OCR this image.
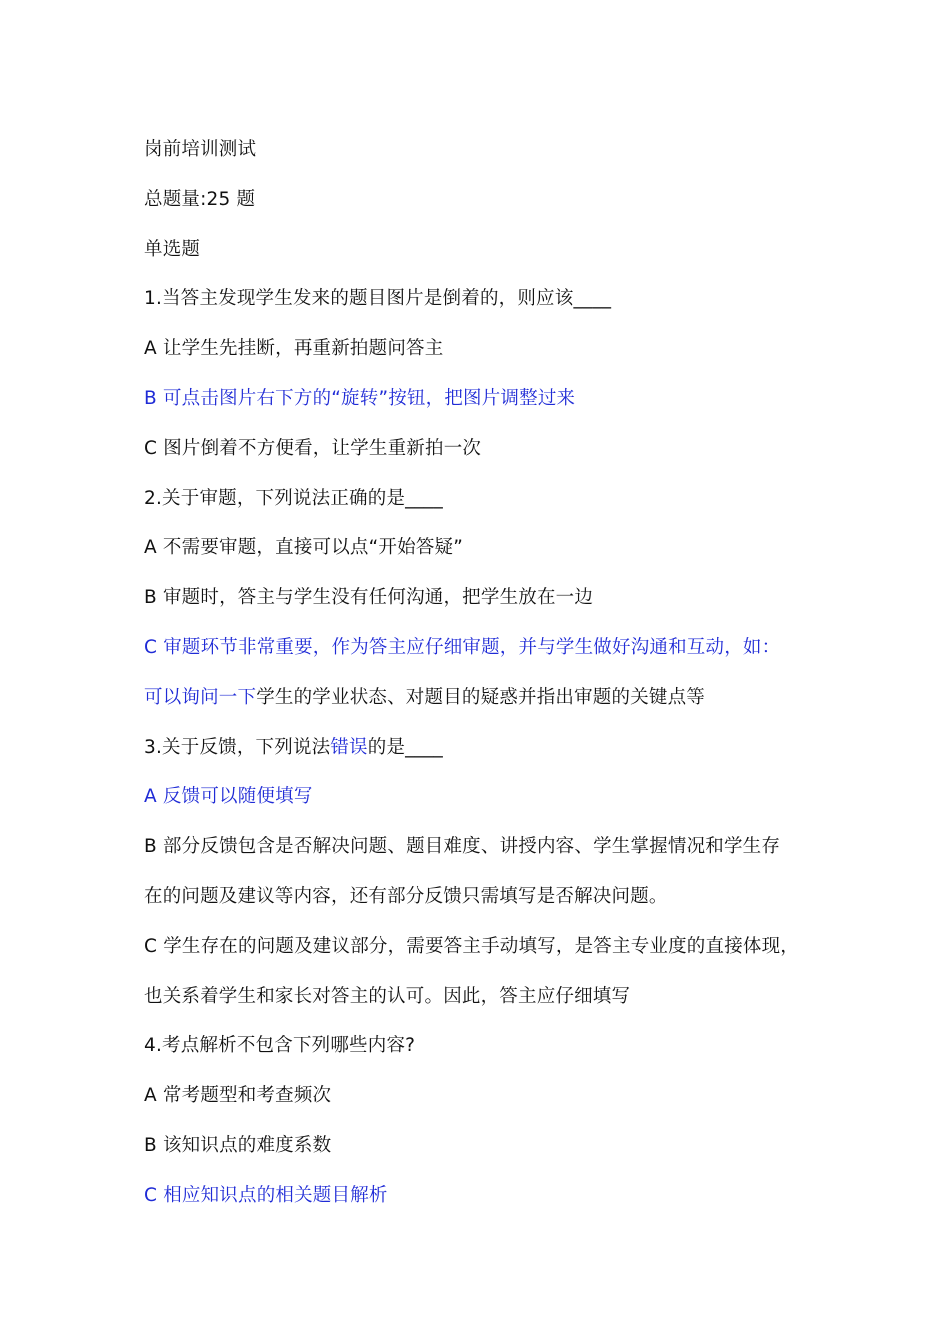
岗前培训测试
总题量:25 题
单选题
1.当答主发现学生发来的题目图片是倒着的，则应该____
A 让学生先挂断，再重新拍题问答主
B 可点击图片右下方的“旋转”按钮，把图片调整过来
C 图片倒着不方便看，让学生重新拍一次
2.关于审题，下列说法正确的是____
A 不需要审题，直接可以点“开始答疑”
B 审题时，答主与学生没有任何沟通，把学生放在一边
C 审题环节非常重要，作为答主应仔细审题，并与学生做好沟通和互动，如：
可以询问一下学生的学业状态、对题目的疑惑并指出审题的关键点等
3.关于反馈，下列说法错误的是____
A 反馈可以随便填写
B 部分反馈包含是否解决问题、题目难度、讲授内容、学生掌握情况和学生存
在的问题及建议等内容，还有部分反馈只需填写是否解决问题。
C 学生存在的问题及建议部分，需要答主手动填写，是答主专业度的直接体现，
也关系着学生和家长对答主的认可。因此，答主应仔细填写
4.考点解析不包含下列哪些内容?
A 常考题型和考查频次
B 该知识点的难度系数
C 相应知识点的相关题目解析
